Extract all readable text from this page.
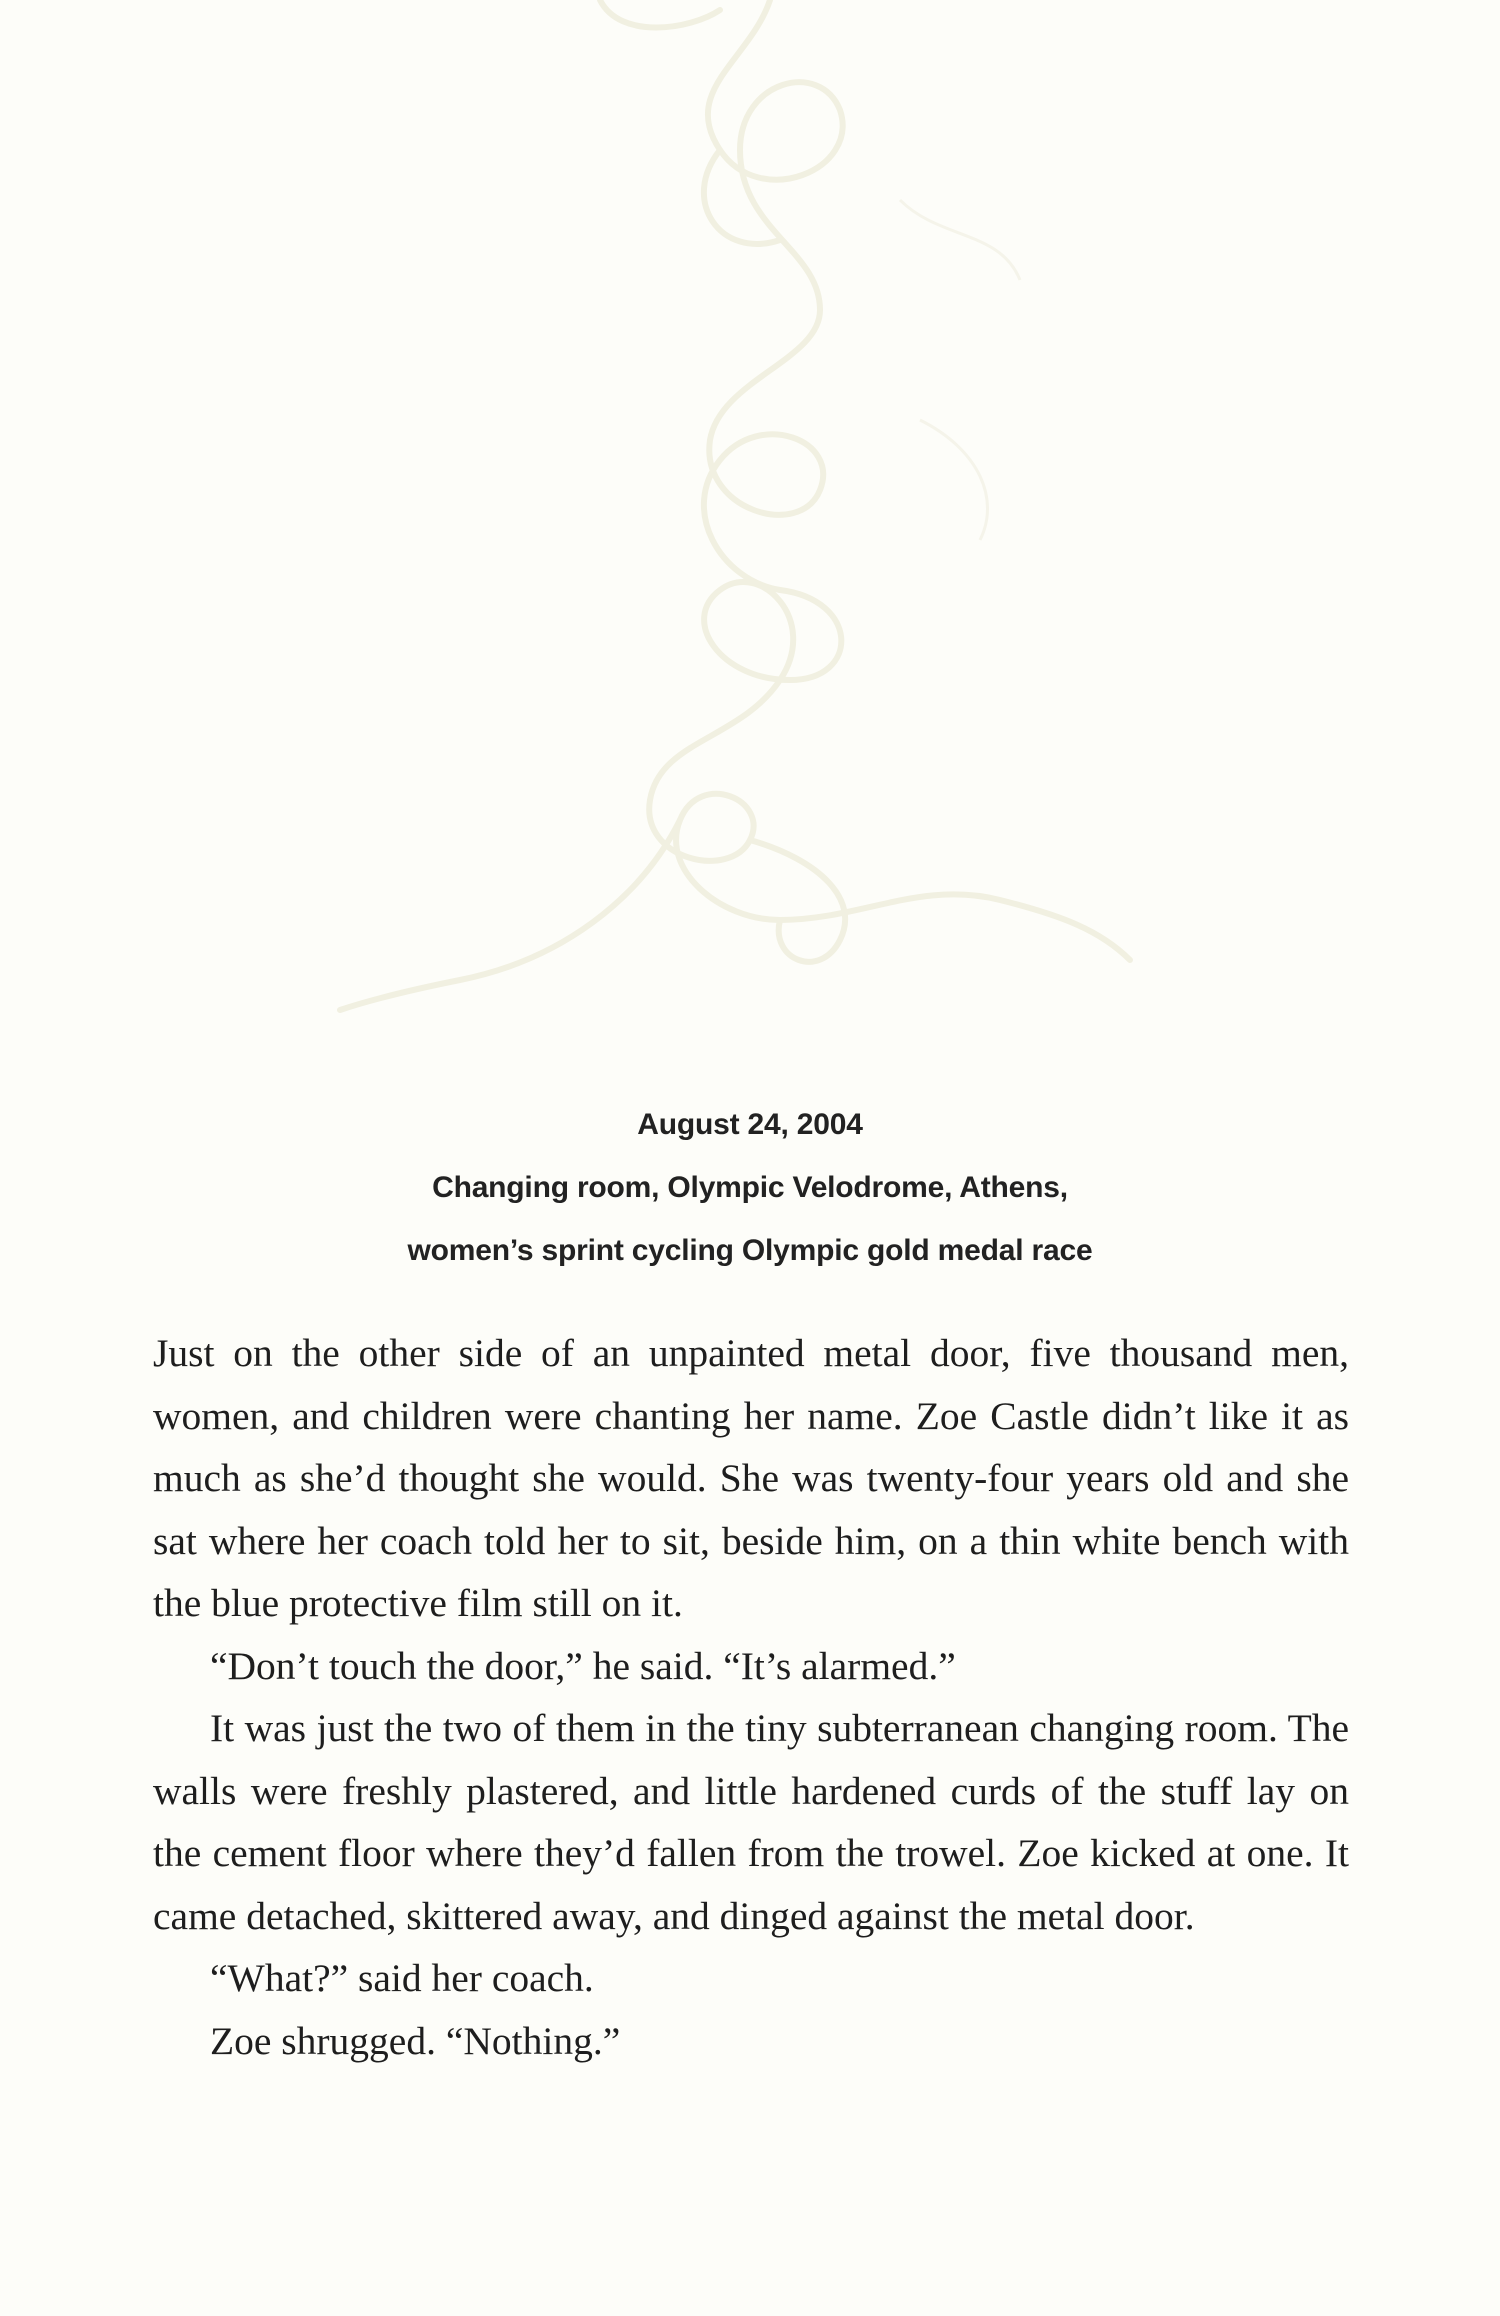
August 24, 2004
Changing room, Olympic Velodrome, Athens,
women’s sprint cycling Olympic gold medal race

Just on the other side of an unpainted metal door, five thousand men, women, and children were chanting her name. Zoe Castle didn’t like it as much as she’d thought she would. She was twenty-four years old and she sat where her coach told her to sit, beside him, on a thin white bench with the blue protective film still on it.

“Don’t touch the door,” he said. “It’s alarmed.”

It was just the two of them in the tiny subterranean changing room. The walls were freshly plastered, and little hardened curds of the stuff lay on the cement floor where they’d fallen from the trowel. Zoe kicked at one. It came detached, skittered away, and dinged against the metal door.

“What?” said her coach.

Zoe shrugged. “Nothing.”
